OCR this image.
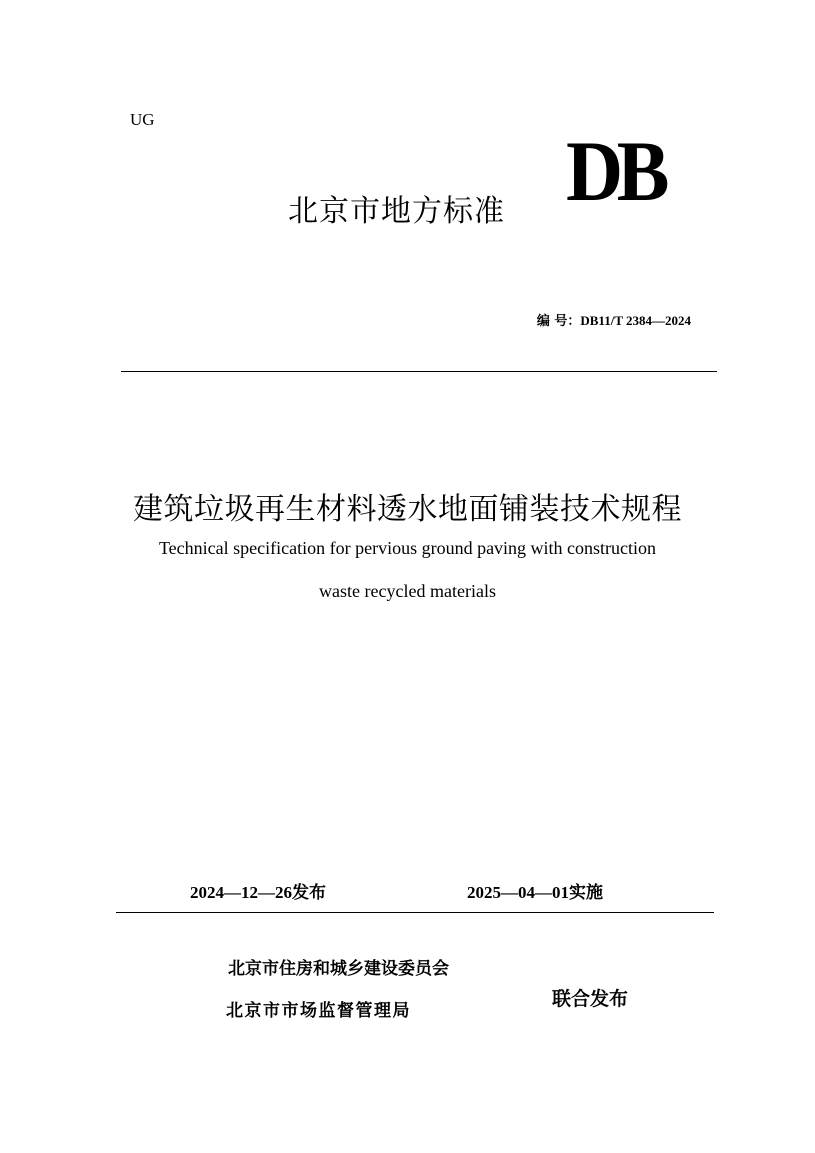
UG
北京市地方标准 DB
编 号：DB11/T 2384—2024
建筑垃圾再生材料透水地面铺装技术规程
Technical specification for pervious ground paving with construction
waste recycled materials
2024—12—26发布	2025—04—01实施
北京市住房和城乡建设委员会
北京市市场监督管理局
联合发布
